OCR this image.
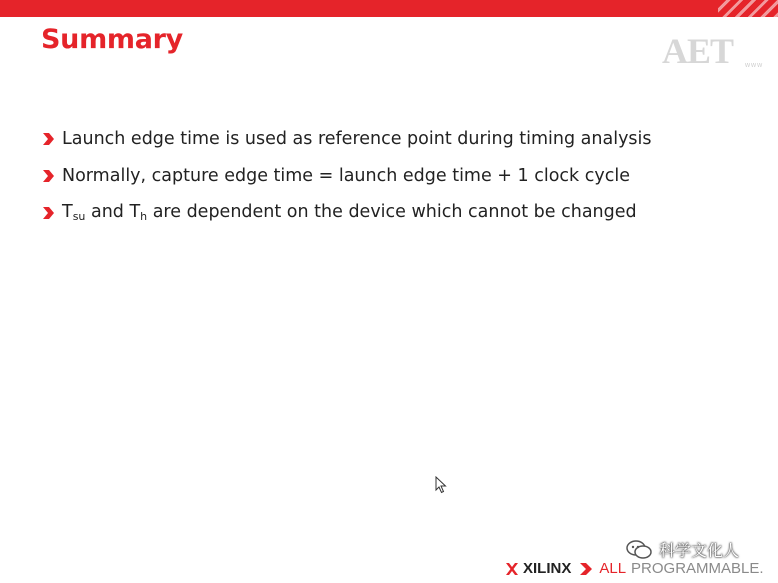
Summary	AET www
Launch edge time is used as reference point during timing analysis
Normally, capture edge time = launch edge time + 1 clock cycle
$T_{su}$ and $T_h$ are dependent on the device which cannot be changed
科学文化人
XILINX ALL PROGRAMMABLE.
